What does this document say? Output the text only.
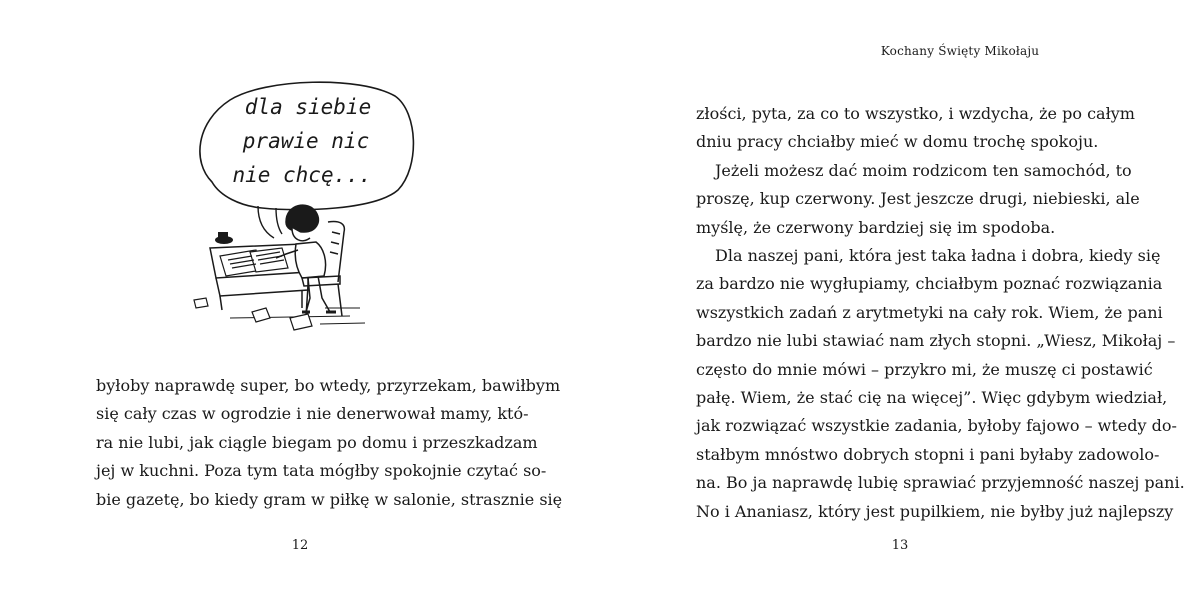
dla siebie
prawie nic
nie chcę...
byłoby naprawdę super, bo wtedy, przyrzekam, bawiłbym
się cały czas w ogrodzie i nie denerwował mamy, któ-
ra nie lubi, jak ciągle biegam po domu i przeszkadzam
jej w kuchni. Poza tym tata mógłby spokojnie czytać so-
bie gazetę, bo kiedy gram w piłkę w salonie, strasznie się
12
Kochany Święty Mikołaju
złości, pyta, za co to wszystko, i wzdycha, że po całym
dniu pracy chciałby mieć w domu trochę spokoju.
Jeżeli możesz dać moim rodzicom ten samochód, to
proszę, kup czerwony. Jest jeszcze drugi, niebieski, ale
myślę, że czerwony bardziej się im spodoba.
Dla naszej pani, która jest taka ładna i dobra, kiedy się
za bardzo nie wygłupiamy, chciałbym poznać rozwiązania
wszystkich zadań z arytmetyki na cały rok. Wiem, że pani
bardzo nie lubi stawiać nam złych stopni. „Wiesz, Mikołaj –
często do mnie mówi – przykro mi, że muszę ci postawić
pałę. Wiem, że stać cię na więcej”. Więc gdybym wiedział,
jak rozwiązać wszystkie zadania, byłoby fajowo – wtedy do-
stałbym mnóstwo dobrych stopni i pani byłaby zadowolo-
na. Bo ja naprawdę lubię sprawiać przyjemność naszej pani.
No i Ananiasz, który jest pupilkiem, nie byłby już najlepszy
13
